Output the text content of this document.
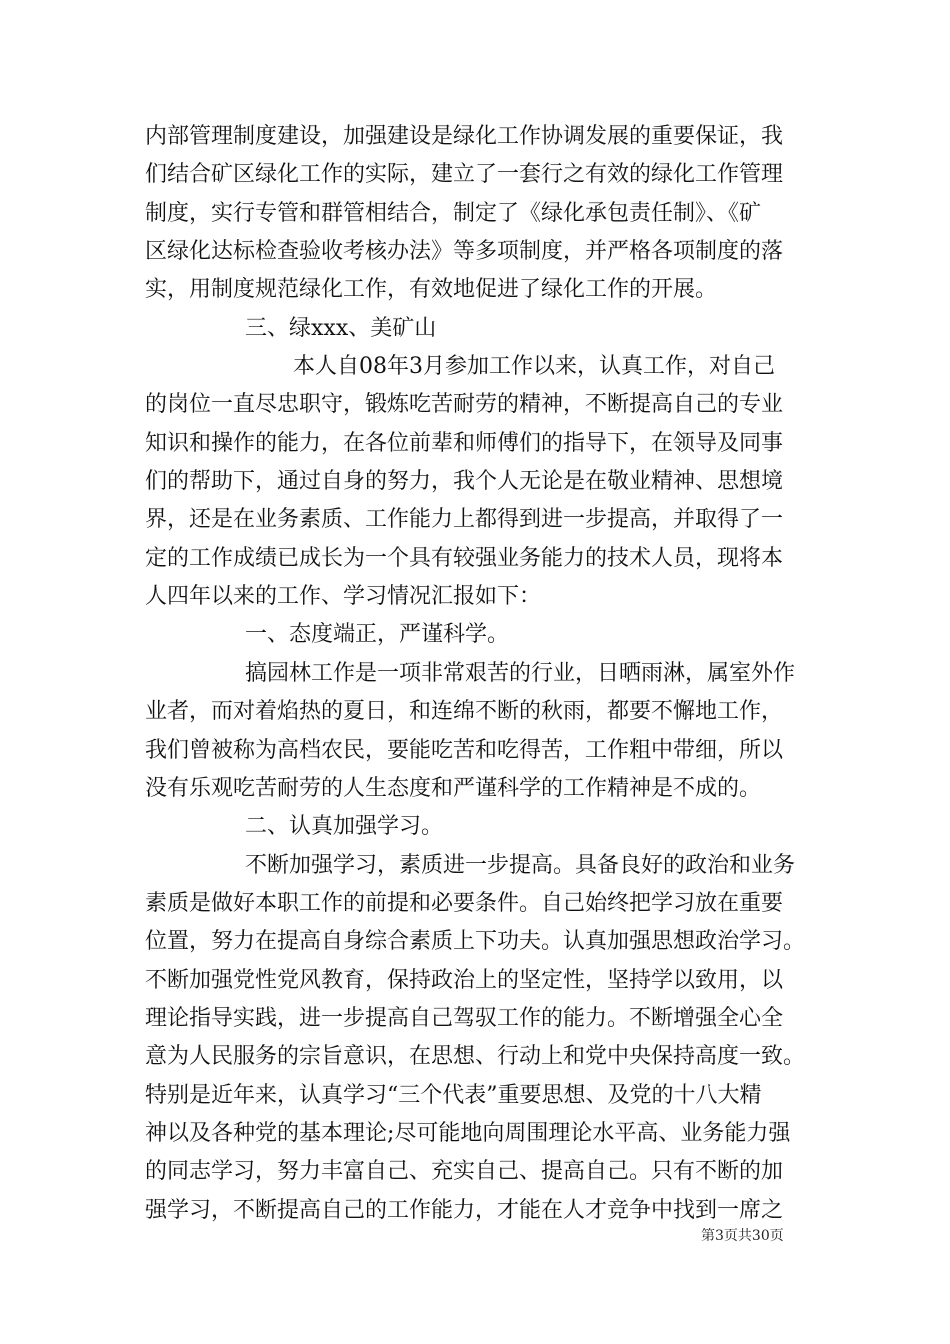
内部管理制度建设，加强建设是绿化工作协调发展的重要保证，我
们结合矿区绿化工作的实际，建立了一套行之有效的绿化工作管理
制度，实行专管和群管相结合，制定了《绿化承包责任制》、《矿
区绿化达标检查验收考核办法》等多项制度，并严格各项制度的落
实，用制度规范绿化工作，有效地促进了绿化工作的开展。
三、绿xxx、美矿山
本人自08年3月参加工作以来，认真工作，对自己
的岗位一直尽忠职守，锻炼吃苦耐劳的精神，不断提高自己的专业
知识和操作的能力，在各位前辈和师傅们的指导下，在领导及同事
们的帮助下，通过自身的努力，我个人无论是在敬业精神、思想境
界，还是在业务素质、工作能力上都得到进一步提高，并取得了一
定的工作成绩已成长为一个具有较强业务能力的技术人员，现将本
人四年以来的工作、学习情况汇报如下：
一、态度端正，严谨科学。
搞园林工作是一项非常艰苦的行业，日晒雨淋，属室外作
业者，而对着焰热的夏日，和连绵不断的秋雨，都要不懈地工作，
我们曾被称为高档农民，要能吃苦和吃得苦，工作粗中带细，所以
没有乐观吃苦耐劳的人生态度和严谨科学的工作精神是不成的。
二、认真加强学习。
不断加强学习，素质进一步提高。具备良好的政治和业务
素质是做好本职工作的前提和必要条件。自己始终把学习放在重要
位置，努力在提高自身综合素质上下功夫。认真加强思想政治学习。
不断加强党性党风教育，保持政治上的坚定性，坚持学以致用，以
理论指导实践，进一步提高自己驾驭工作的能力。不断增强全心全
意为人民服务的宗旨意识，在思想、行动上和党中央保持高度一致。
特别是近年来，认真学习“三个代表”重要思想、及党的十八大精
神以及各种党的基本理论;尽可能地向周围理论水平高、业务能力强
的同志学习，努力丰富自己、充实自己、提高自己。只有不断的加
强学习，不断提高自己的工作能力，才能在人才竞争中找到一席之
第3页共30页
